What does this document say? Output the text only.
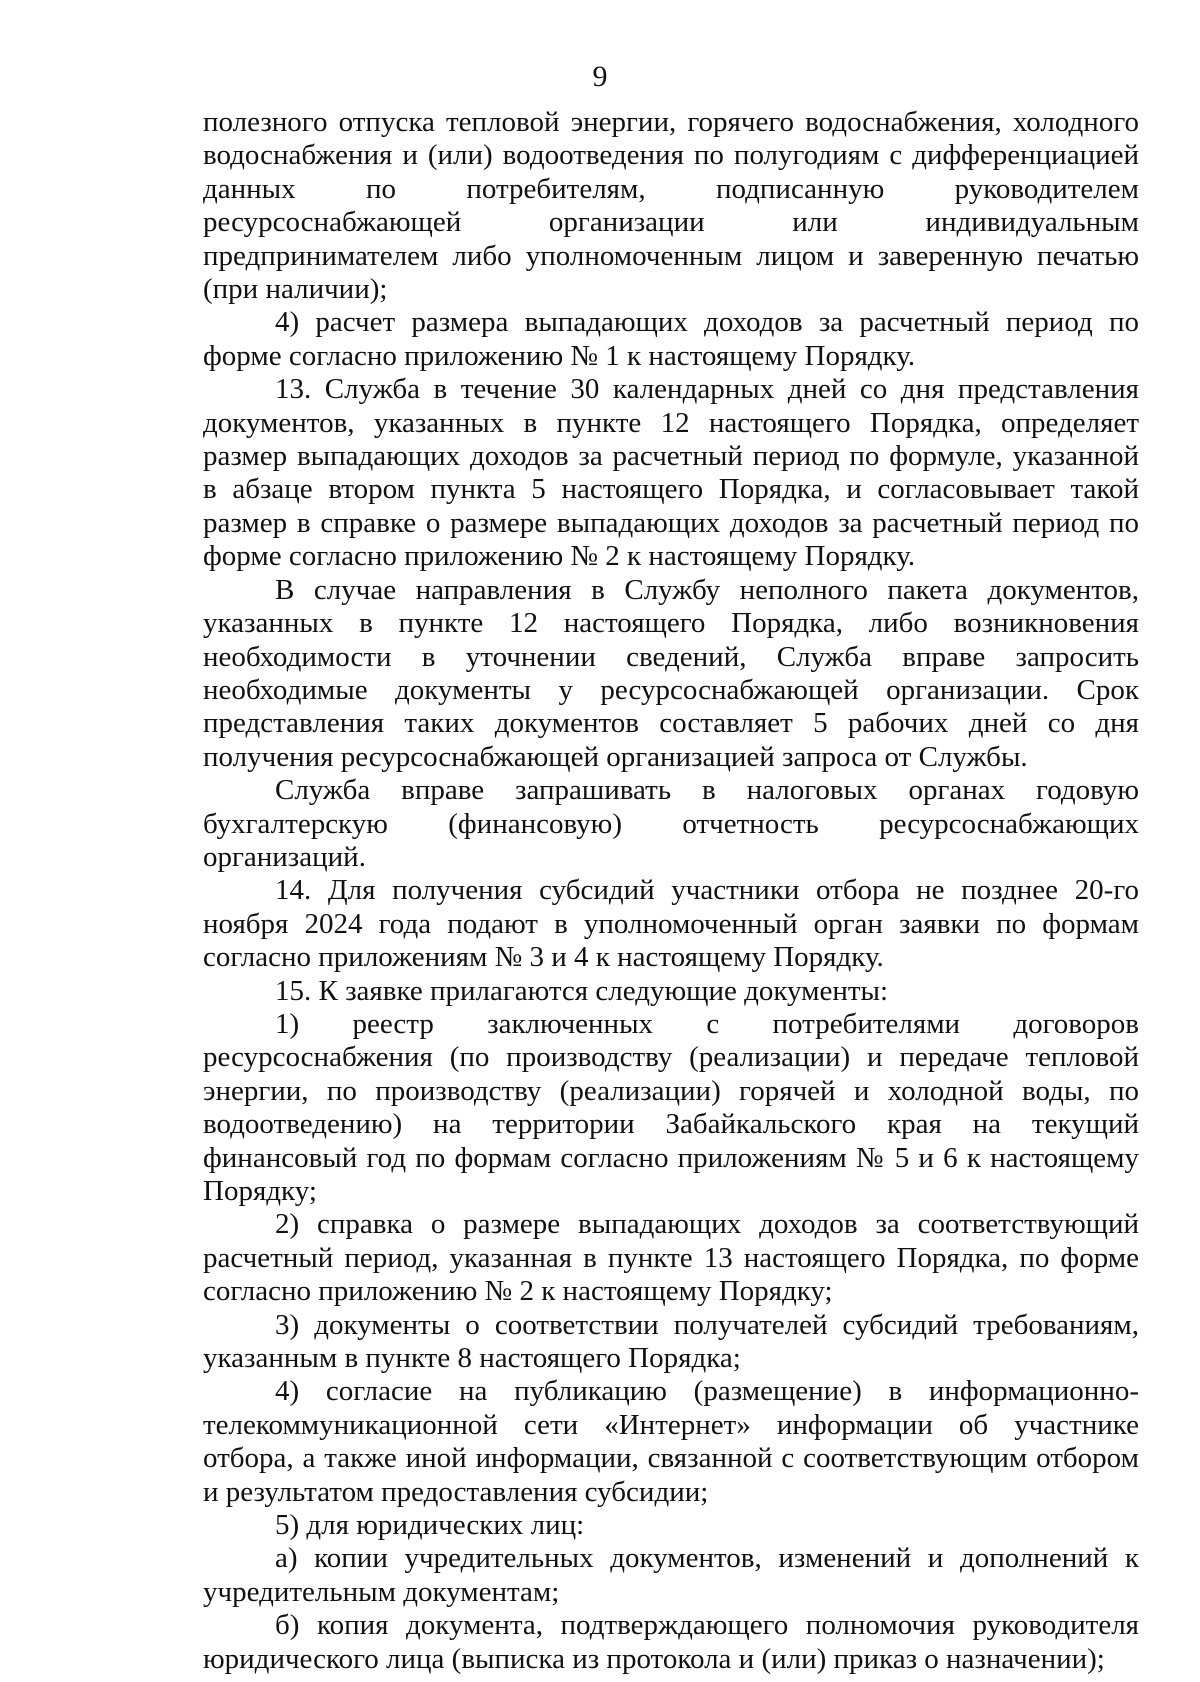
9

полезного отпуска тепловой энергии, горячего водоснабжения, холодного водоснабжения и (или) водоотведения по полугодиям с дифференциацией данных по потребителям, подписанную руководителем ресурсоснабжающей организации или индивидуальным предпринимателем либо уполномоченным лицом и заверенную печатью (при наличии);

4) расчет размера выпадающих доходов за расчетный период по форме согласно приложению № 1 к настоящему Порядку.

13. Служба в течение 30 календарных дней со дня представления документов, указанных в пункте 12 настоящего Порядка, определяет размер выпадающих доходов за расчетный период по формуле, указанной в абзаце втором пункта 5 настоящего Порядка, и согласовывает такой размер в справке о размере выпадающих доходов за расчетный период по форме согласно приложению № 2 к настоящему Порядку.

В случае направления в Службу неполного пакета документов, указанных в пункте 12 настоящего Порядка, либо возникновения необходимости в уточнении сведений, Служба вправе запросить необходимые документы у ресурсоснабжающей организации. Срок представления таких документов составляет 5 рабочих дней со дня получения ресурсоснабжающей организацией запроса от Службы.

Служба вправе запрашивать в налоговых органах годовую бухгалтерскую (финансовую) отчетность ресурсоснабжающих организаций.

14. Для получения субсидий участники отбора не позднее 20-го ноября 2024 года подают в уполномоченный орган заявки по формам согласно приложениям № 3 и 4 к настоящему Порядку.

15. К заявке прилагаются следующие документы:

1) реестр заключенных с потребителями договоров ресурсоснабжения (по производству (реализации) и передаче тепловой энергии, по производству (реализации) горячей и холодной воды, по водоотведению) на территории Забайкальского края на текущий финансовый год по формам согласно приложениям № 5 и 6 к настоящему Порядку;

2) справка о размере выпадающих доходов за соответствующий расчетный период, указанная в пункте 13 настоящего Порядка, по форме согласно приложению № 2 к настоящему Порядку;

3) документы о соответствии получателей субсидий требованиям, указанным в пункте 8 настоящего Порядка;

4) согласие на публикацию (размещение) в информационно-телекоммуникационной сети «Интернет» информации об участнике отбора, а также иной информации, связанной с соответствующим отбором и результатом предоставления субсидии;

5) для юридических лиц:

а) копии учредительных документов, изменений и дополнений к учредительным документам;

б) копия документа, подтверждающего полномочия руководителя юридического лица (выписка из протокола и (или) приказ о назначении);
